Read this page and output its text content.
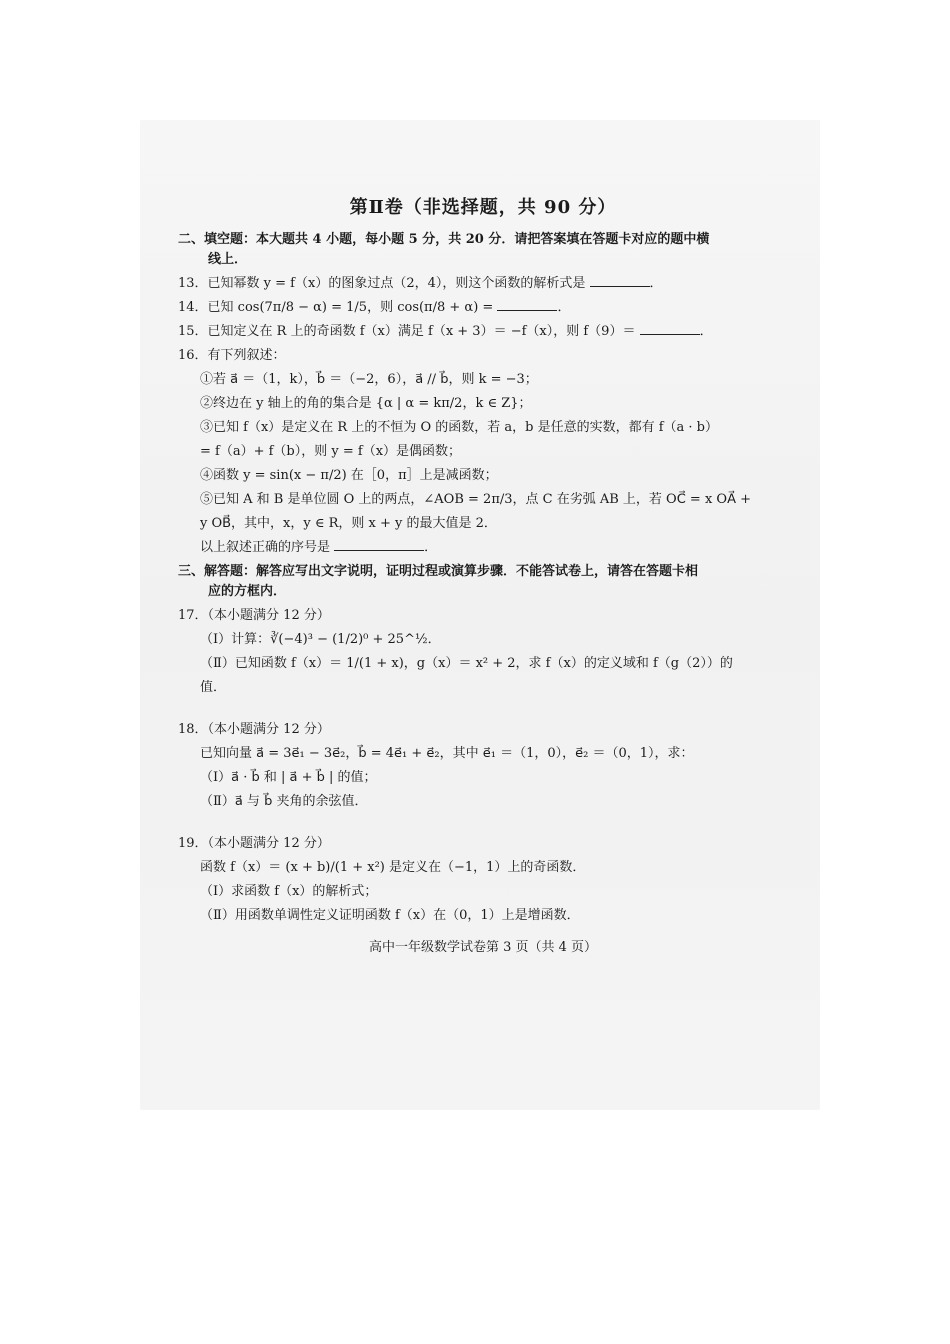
第Ⅱ卷（非选择题，共 90 分）
二、填空题：本大题共 4 小题，每小题 5 分，共 20 分．请把答案填在答题卡对应的题中横
线上．
13．已知幂数 y = f（x）的图象过点（2，4），则这个函数的解析式是	．
14．已知 cos(7π/8 − α) = 1/5，则 cos(π/8 + α) =	．
15．已知定义在 R 上的奇函数 f（x）满足 f（x + 3）＝ −f（x），则 f（9）＝	．
16．有下列叙述：
①若 a⃗ ＝（1，k），b⃗ ＝（−2，6），a⃗ // b⃗，则 k = −3；
②终边在 y 轴上的角的集合是 {α | α = kπ/2，k ∈ Z}；
③已知 f（x）是定义在 R 上的不恒为 O 的函数，若 a，b 是任意的实数，都有 f（a · b）
= f（a）+ f（b），则 y = f（x）是偶函数；
④函数 y = sin(x − π/2) 在［0，π］上是减函数；
⑤已知 A 和 B 是单位圆 O 上的两点，∠AOB = 2π/3，点 C 在劣弧 AB 上，若 OC⃗ = x OA⃗ +
y OB⃗，其中，x，y ∈ R，则 x + y 的最大值是 2．
以上叙述正确的序号是	．
三、解答题：解答应写出文字说明，证明过程或演算步骤．不能答试卷上，请答在答题卡相
应的方框内．
17．（本小题满分 12 分）
（Ⅰ）计算：∛(−4)³ − (1/2)⁰ + 25^½．
（Ⅱ）已知函数 f（x）＝ 1/(1 + x)，g（x）＝ x² + 2，求 f（x）的定义域和 f（g（2））的
值．
18．（本小题满分 12 分）
已知向量 a⃗ = 3e⃗₁ − 3e⃗₂，b⃗ = 4e⃗₁ + e⃗₂，其中 e⃗₁ ＝（1，0），e⃗₂ ＝（0，1），求：
（Ⅰ）a⃗ · b⃗ 和 | a⃗ + b⃗ | 的值；
（Ⅱ）a⃗ 与 b⃗ 夹角的余弦值．
19．（本小题满分 12 分）
函数 f（x）＝ (x + b)/(1 + x²) 是定义在（−1，1）上的奇函数．
（Ⅰ）求函数 f（x）的解析式；
（Ⅱ）用函数单调性定义证明函数 f（x）在（0，1）上是增函数．
高中一年级数学试卷第 3 页（共 4 页）
